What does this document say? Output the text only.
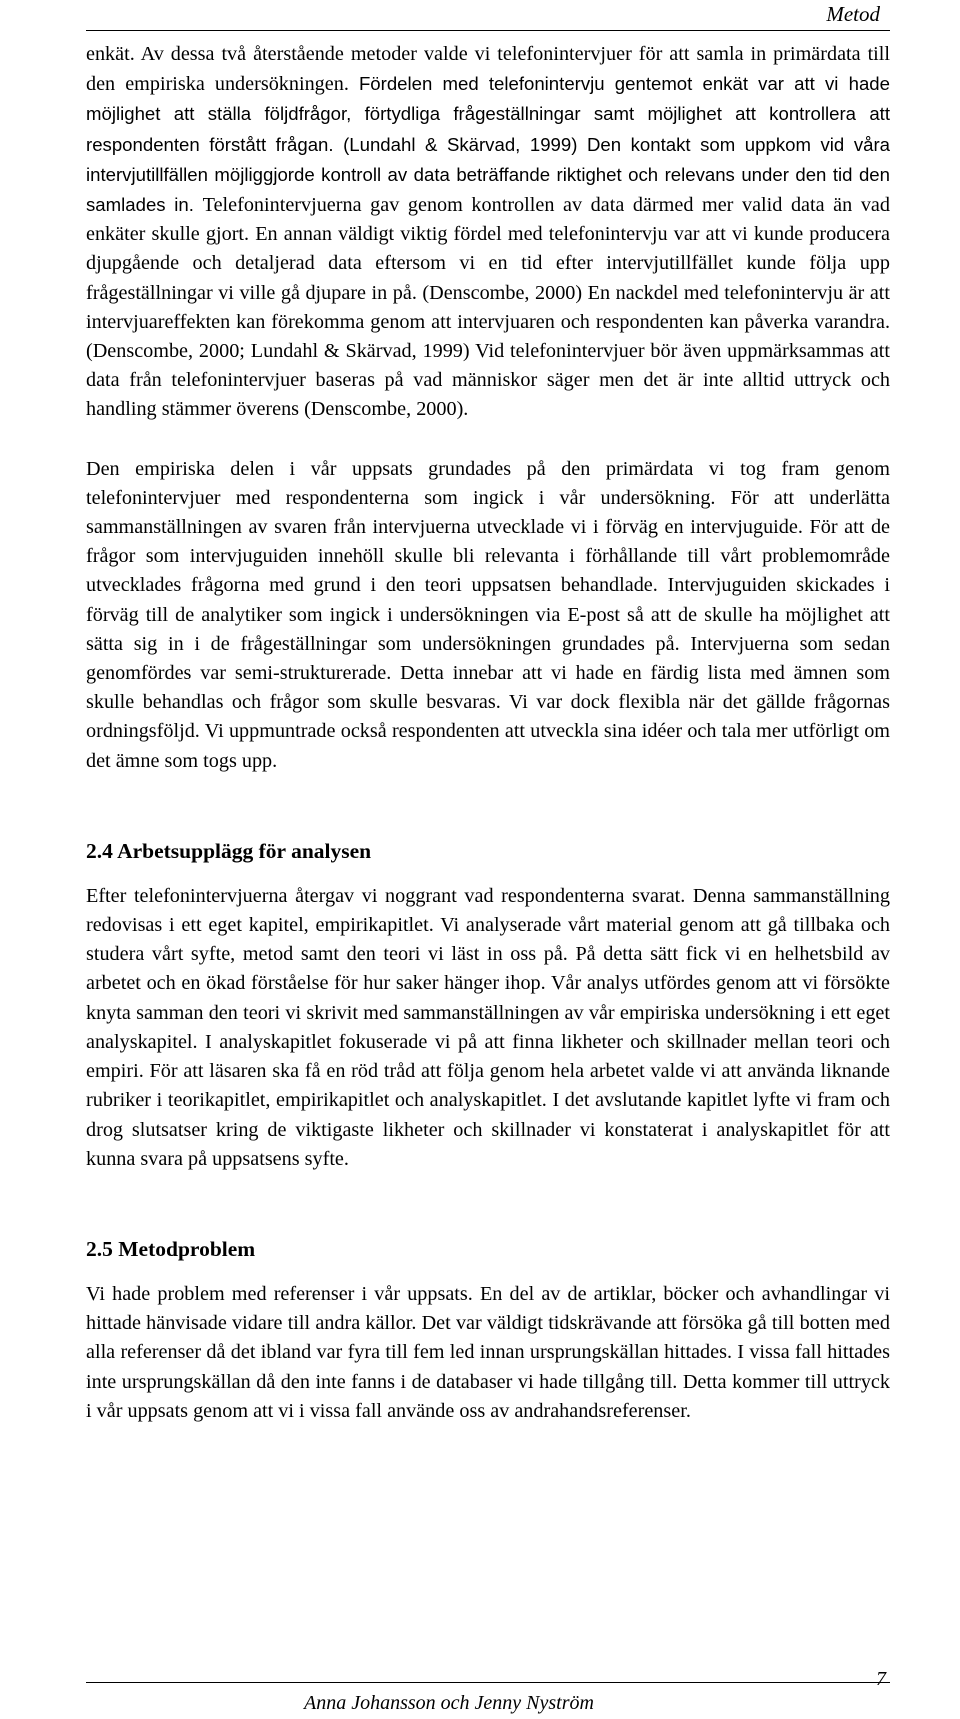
Metod

enkät. Av dessa två återstående metoder valde vi telefonintervjuer för att samla in primärdata till den empiriska undersökningen. Fördelen med telefonintervju gentemot enkät var att vi hade möjlighet att ställa följdfrågor, förtydliga frågeställningar samt möjlighet att kontrollera att respondenten förstått frågan. (Lundahl & Skärvad, 1999) Den kontakt som uppkom vid våra intervjutillfällen möjliggjorde kontroll av data beträffande riktighet och relevans under den tid den samlades in. Telefonintervjuerna gav genom kontrollen av data därmed mer valid data än vad enkäter skulle gjort. En annan väldigt viktig fördel med telefonintervju var att vi kunde producera djupgående och detaljerad data eftersom vi en tid efter intervjutillfället kunde följa upp frågeställningar vi ville gå djupare in på. (Denscombe, 2000) En nackdel med telefonintervju är att intervjuareffekten kan förekomma genom att intervjuaren och respondenten kan påverka varandra. (Denscombe, 2000; Lundahl & Skärvad, 1999) Vid telefonintervjuer bör även uppmärksammas att data från telefonintervjuer baseras på vad människor säger men det är inte alltid uttryck och handling stämmer överens (Denscombe, 2000).

Den empiriska delen i vår uppsats grundades på den primärdata vi tog fram genom telefonintervjuer med respondenterna som ingick i vår undersökning. För att underlätta sammanställningen av svaren från intervjuerna utvecklade vi i förväg en intervjuguide. För att de frågor som intervjuguiden innehöll skulle bli relevanta i förhållande till vårt problemområde utvecklades frågorna med grund i den teori uppsatsen behandlade. Intervjuguiden skickades i förväg till de analytiker som ingick i undersökningen via E-post så att de skulle ha möjlighet att sätta sig in i de frågeställningar som undersökningen grundades på. Intervjuerna som sedan genomfördes var semi-strukturerade. Detta innebar att vi hade en färdig lista med ämnen som skulle behandlas och frågor som skulle besvaras. Vi var dock flexibla när det gällde frågornas ordningsföljd. Vi uppmuntrade också respondenten att utveckla sina idéer och tala mer utförligt om det ämne som togs upp.

2.4 Arbetsupplägg för analysen

Efter telefonintervjuerna återgav vi noggrant vad respondenterna svarat. Denna sammanställning redovisas i ett eget kapitel, empirikapitlet. Vi analyserade vårt material genom att gå tillbaka och studera vårt syfte, metod samt den teori vi läst in oss på. På detta sätt fick vi en helhetsbild av arbetet och en ökad förståelse för hur saker hänger ihop. Vår analys utfördes genom att vi försökte knyta samman den teori vi skrivit med sammanställningen av vår empiriska undersökning i ett eget analyskapitel. I analyskapitlet fokuserade vi på att finna likheter och skillnader mellan teori och empiri. För att läsaren ska få en röd tråd att följa genom hela arbetet valde vi att använda liknande rubriker i teorikapitlet, empirikapitlet och analyskapitlet. I det avslutande kapitlet lyfte vi fram och drog slutsatser kring de viktigaste likheter och skillnader vi konstaterat i analyskapitlet för att kunna svara på uppsatsens syfte.

2.5 Metodproblem

Vi hade problem med referenser i vår uppsats. En del av de artiklar, böcker och avhandlingar vi hittade hänvisade vidare till andra källor. Det var väldigt tidskrävande att försöka gå till botten med alla referenser då det ibland var fyra till fem led innan ursprungskällan hittades. I vissa fall hittades inte ursprungskällan då den inte fanns i de databaser vi hade tillgång till. Detta kommer till uttryck i vår uppsats genom att vi i vissa fall använde oss av andrahandsreferenser.

7
Anna Johansson och Jenny Nyström
